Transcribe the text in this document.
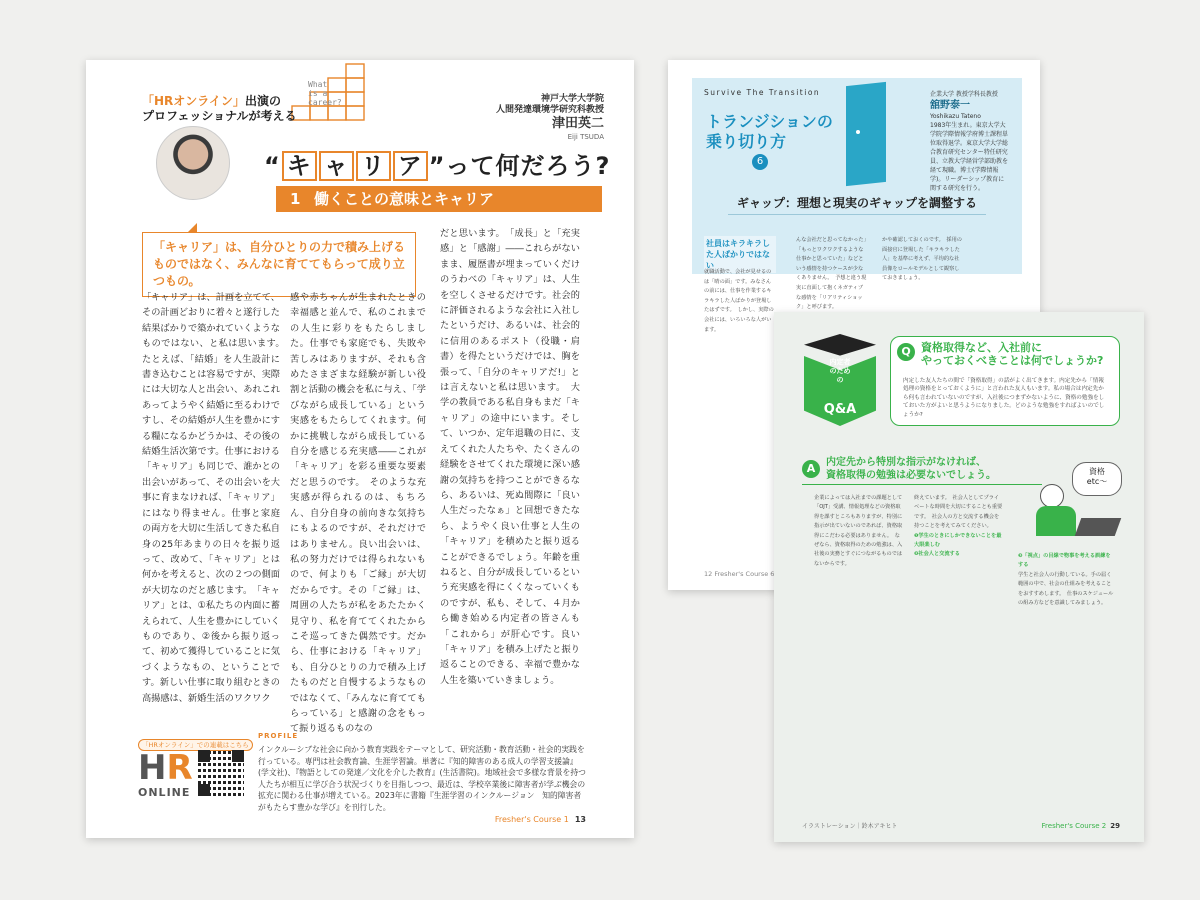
What
is a
career?
「HRオンライン」出演の
プロフェッショナルが考える
神戸大学大学院
人間発達環境学研究科教授
津田英二
Eiji TSUDA
“ キ ャ リ ア ”って何だろう?
1 働くことの意味とキャリア
「キャリア」は、自分ひとりの力で積み上げるものではなく、みんなに育ててもらって成り立つもの。
「キャリア」は、計画を立てて、その計画どおりに着々と遂行した結果ばかりで築かれていくようなものではない、と私は思います。　たとえば、「結婚」を人生設計に書き込むことは容易ですが、実際には大切な人と出会い、あれこれあってようやく結婚に至るわけですし、その結婚が人生を豊かにする糧になるかどうかは、その後の結婚生活次第です。仕事における「キャリア」も同じで、誰かとの出会いがあって、その出会いを大事に育まなければ、「キャリア」にはなり得ません。仕事と家庭の両方を大切に生活してきた私自身の25年あまりの日々を振り返って、改めて、「キャリア」とは何かを考えると、次の２つの側面が大切なのだと感じます。　「キャリア」とは、①私たちの内面に蓄えられて、人生を豊かにしていくものであり、②後から振り返って、初めて獲得していることに気づくようなもの、ということです。新しい仕事に取り組むときの高揚感は、新婚生活のワクワク
感や赤ちゃんが生まれたときの幸福感と並んで、私のこれまでの人生に彩りをもたらしました。仕事でも家庭でも、失敗や苦しみはありますが、それも含めたさまざまな経験が新しい役割と活動の機会を私に与え、「学びながら成長している」という実感をもたらしてくれます。何かに挑戦しながら成長している自分を感じる充実感――これが「キャリア」を彩る重要な要素だと思うのです。　そのような充実感が得られるのは、もちろん、自分自身の前向きな気持ちにもよるのですが、それだけではありません。良い出会いは、私の努力だけでは得られないもので、何よりも「ご縁」が大切だからです。その「ご縁」は、周囲の人たちが私をあたたかく見守り、私を育ててくれたからこそ巡ってきた偶然です。だから、仕事における「キャリア」も、自分ひとりの力で積み上げたものだと自慢するようなものではなくて、「みんなに育ててもらっている」と感謝の念をもって振り返るものなの
だと思います。　「成長」と「充実感」と「感謝」――これらがないまま、履歴書が埋まっていくだけのうわべの「キャリア」は、人生を空しくさせるだけです。社会的に評価されるような会社に入社したというだけ、あるいは、社会的に信用のあるポスト（役職・肩書）を得たというだけでは、胸を張って、「自分のキャリアだ!」とは言えないと私は思います。　大学の教員である私自身もまだ「キャリア」の途中にいます。そして、いつか、定年退職の日に、支えてくれた人たちや、たくさんの経験をさせてくれた環境に深い感謝の気持ちを持つことができるなら、あるいは、死ぬ間際に「良い人生だったなぁ」と回想できたなら、ようやく良い仕事と人生の「キャリア」を積めたと振り返ることができるでしょう。年齢を重ねると、自分が成長しているという充実感を得にくくなっていくものですが、私も、そして、４月から働き始める内定者の皆さんも「これから」が肝心です。良い「キャリア」を積み上げたと振り返ることのできる、幸福で豊かな人生を築いていきましょう。
「HRオンライン」での連載はこちら
HR
ONLINE
PROFILE
インクルーシブな社会に向かう教育実践をテーマとして、研究活動・教育活動・社会的実践を行っている。専門は社会教育論、生涯学習論。単著に『知的障害のある成人の学習支援論』(学文社)、『物語としての発達／文化を介した教育』(生活書院)。地域社会で多様な背景を持つ人たちが相互に学び合う状況づくりを目指しつつ、最近は、学校卒業後に障害者が学ぶ機会の拡充に関わる仕事が増えている。2023年に書籍『生涯学習のインクルージョン　知的障害者がもたらす豊かな学び』を刊行した。
Fresher's Course 1 13
Survive The Transition
トランジションの
乗り切り方
6
企業大学 教授学科長教授
舘野泰一
Yoshikazu Tateno
1983年生まれ。東京大学大学院学際情報学府博士課程単位取得退学。東京大学大学総合教育研究センター特任研究員、立教大学経営学部助教を経て現職。博士(学際情報学)。リーダーシップ教育に関する研究を行う。
ギャップ：理想と現実のギャップを調整する
社員はキラキラした人ばかりではない
就職活動で、会社が見せるのは「晴の面」です。みなさんの前には、仕事を作業するキラキラした人ばかりが登場したはずです。　しかし、実際の会社には、いろいろな人がいます。
んな会社だと思ってなかった」「もっとワクワクするような仕事かと思っていた」などという感情を持つケースが少なくありません。　予想と違う現実に直面して抱くネガティブな感情を「リアリティショック」と呼びます。
かや確認しておくのです。　採用の面接官に登場した「キラキラした人」を基準に考えず、平均的な社員像をロールモデルとして観察しておきましょう。
12 Fresher's Course 6
内定者のための
Q&A
Q 資格取得など、入社前に
やっておくべきことは何でしょうか?
内定した友人たちの間で「資格取得」の話がよく出てきます。内定先から「情報処理の資格をとっておくように」と言われた友人もいます。私の場合は内定先から何も言われていないのですが、入社後につまずかないように、資格の勉強をしておいた方がよいと思うようになりました。どのような勉強をすればよいのでしょうか?
A	内定先から特別な指示がなければ、
資格取得の勉強は必要ないでしょう。	資格
etc～
企業によっては入社までの課題として「OJT」受講、情報処理などの資格取得を課すところもありますが、特別に指示が出ていないのであれば、資格取得にこだわる必要はありません。　なぜなら、資格取得のための勉強は、入社後の実務とすぐにつながるものではないからです。
終えています。　社会人としてプライベートな時間を大切にすることも重要です。　社会人の方と交流する機会を持つことを考えてみてください。
❶学生のときにしかできないことを最大限楽しむ
❷社会人と交流する	❸「視点」の目線で物事を考える訓練をする
学生と社会人の行動している。手の届く範囲の中で、社会の仕組みを考えることをおすすめします。　仕事のスケジュールの組み方などを意識してみましょう。
イラストレーション｜鈴木アキヒト	Fresher's Course 2 29
